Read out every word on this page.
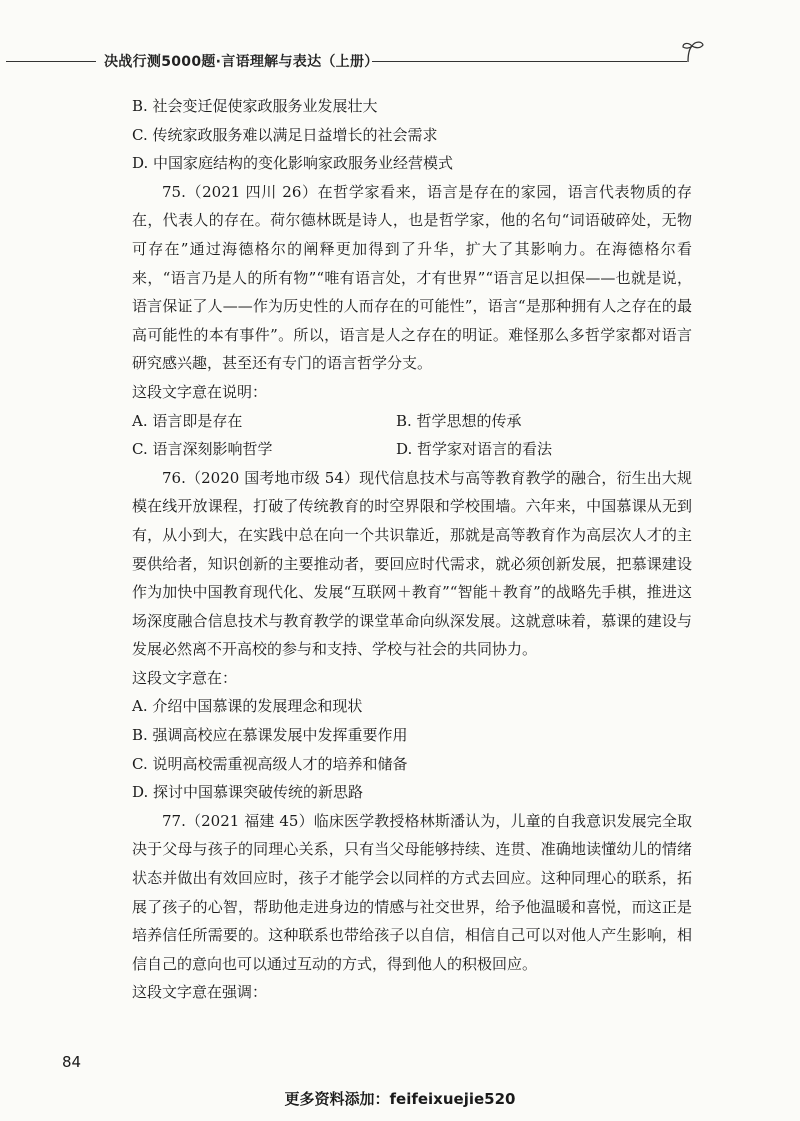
决战行测5000题·言语理解与表达（上册）

B. 社会变迁促使家政服务业发展壮大

C. 传统家政服务难以满足日益增长的社会需求

D. 中国家庭结构的变化影响家政服务业经营模式

75.（2021 四川 26）在哲学家看来，语言是存在的家园，语言代表物质的存在，代表人的存在。荷尔德林既是诗人，也是哲学家，他的名句“词语破碎处，无物可存在”通过海德格尔的阐释更加得到了升华，扩大了其影响力。在海德格尔看来，“语言乃是人的所有物”“唯有语言处，才有世界”“语言足以担保——也就是说，语言保证了人——作为历史性的人而存在的可能性”，语言“是那种拥有人之存在的最高可能性的本有事件”。所以，语言是人之存在的明证。难怪那么多哲学家都对语言研究感兴趣，甚至还有专门的语言哲学分支。

这段文字意在说明：

A. 语言即是存在	B. 哲学思想的传承
C. 语言深刻影响哲学	D. 哲学家对语言的看法

76.（2020 国考地市级 54）现代信息技术与高等教育教学的融合，衍生出大规模在线开放课程，打破了传统教育的时空界限和学校围墙。六年来，中国慕课从无到有，从小到大，在实践中总在向一个共识靠近，那就是高等教育作为高层次人才的主要供给者，知识创新的主要推动者，要回应时代需求，就必须创新发展，把慕课建设作为加快中国教育现代化、发展“互联网＋教育”“智能＋教育”的战略先手棋，推进这场深度融合信息技术与教育教学的课堂革命向纵深发展。这就意味着，慕课的建设与发展必然离不开高校的参与和支持、学校与社会的共同协力。

这段文字意在：

A. 介绍中国慕课的发展理念和现状

B. 强调高校应在慕课发展中发挥重要作用

C. 说明高校需重视高级人才的培养和储备

D. 探讨中国慕课突破传统的新思路

77.（2021 福建 45）临床医学教授格林斯潘认为，儿童的自我意识发展完全取决于父母与孩子的同理心关系，只有当父母能够持续、连贯、准确地读懂幼儿的情绪状态并做出有效回应时，孩子才能学会以同样的方式去回应。这种同理心的联系，拓展了孩子的心智，帮助他走进身边的情感与社交世界，给予他温暖和喜悦，而这正是培养信任所需要的。这种联系也带给孩子以自信，相信自己可以对他人产生影响，相信自己的意向也可以通过互动的方式，得到他人的积极回应。

这段文字意在强调：

84
更多资料添加：feifeixuejie520
